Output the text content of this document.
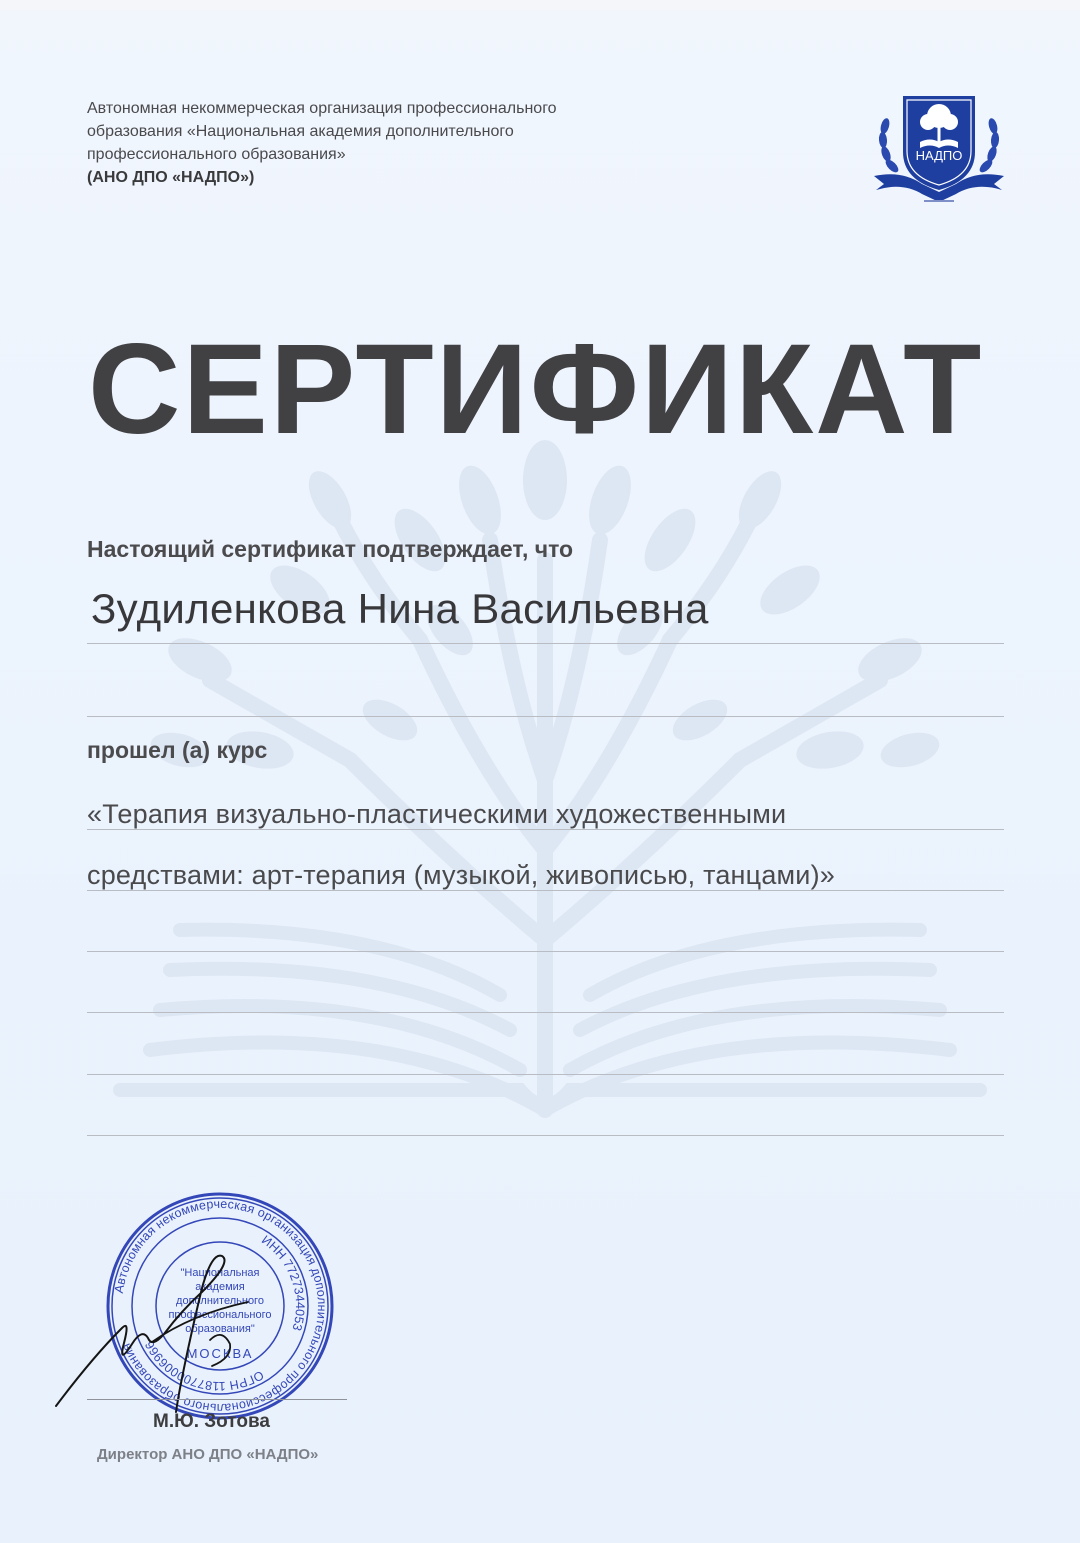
Автономная некоммерческая организация профессионального
образования «Национальная академия дополнительного
профессионального образования»
(АНО ДПО «НАДПО»)
НАДПО
СЕРТИФИКАТ
Настоящий сертификат подтверждает, что
Зудиленкова Нина Васильевна
прошел (а) курс
«Терапия визуально-пластическими художественными
средствами: арт-терапия (музыкой, живописью, танцами)»
Автономная некоммерческая организация дополнительного профессионального образования
ИНН 7727344053
ОГРН 1187700006966
"Национальная
академия
дополнительного
профессионального
образования"
МОСКВА
М.Ю. Зотова
Директор АНО ДПО «НАДПО»
